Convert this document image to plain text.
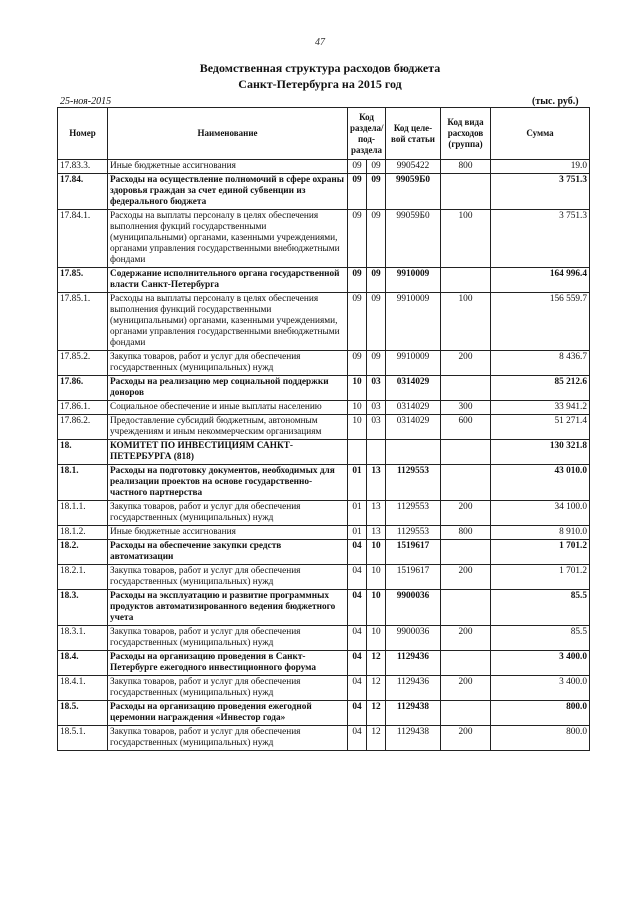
47
Ведомственная структура расходов бюджета
Санкт-Петербурга на 2015 год
25-ноя-2015	(тыс. руб.)
Номер	Наименование	Код раздела/ под- раздела		Код целе- вой статьи	Код вида расходов (группа)	Сумма
17.83.3.	Иные бюджетные ассигнования	09	09	9905422	800	19.0
17.84.	Расходы на осуществление полномочий в сфере охраны здоровья граждан за счет единой субвенции из федерального бюджета	09	09	99059Б0		3 751.3
17.84.1.	Расходы на выплаты персоналу в целях обеспечения выполнения фукций государственными (муниципальными) органами, казенными учреждениями, органами управления государственными внебюджетными фондами	09	09	99059Б0	100	3 751.3
17.85.	Содержание исполнительного органа государственной власти Санкт-Петербурга	09	09	9910009		164 996.4
17.85.1.	Расходы на выплаты персоналу в целях обеспечения выполнения функций государственными (муниципальными) органами, казенными учреждениями, органами управления государственными внебюджетными фондами	09	09	9910009	100	156 559.7
17.85.2.	Закупка товаров, работ и услуг для обеспечения государственных (муниципальных) нужд	09	09	9910009	200	8 436.7
17.86.	Расходы на реализацию мер социальной поддержки доноров	10	03	0314029		85 212.6
17.86.1.	Социальное обеспечение и иные выплаты населению	10	03	0314029	300	33 941.2
17.86.2.	Предоставление субсидий бюджетным, автономным учреждениям и иным некоммерческим организациям	10	03	0314029	600	51 271.4
18.	КОМИТЕТ ПО ИНВЕСТИЦИЯМ САНКТ-ПЕТЕРБУРГА (818)					130 321.8
18.1.	Расходы на подготовку документов, необходимых для реализации проектов на основе государственно-частного партнерства	01	13	1129553		43 010.0
18.1.1.	Закупка товаров, работ и услуг для обеспечения государственных (муниципальных) нужд	01	13	1129553	200	34 100.0
18.1.2.	Иные бюджетные ассигнования	01	13	1129553	800	8 910.0
18.2.	Расходы на обеспечение закупки средств автоматизации	04	10	1519617		1 701.2
18.2.1.	Закупка товаров, работ и услуг для обеспечения государственных (муниципальных) нужд	04	10	1519617	200	1 701.2
18.3.	Расходы на эксплуатацию и развитие программных продуктов автоматизированного ведения бюджетного учета	04	10	9900036		85.5
18.3.1.	Закупка товаров, работ и услуг для обеспечения государственных (муниципальных) нужд	04	10	9900036	200	85.5
18.4.	Расходы на организацию проведения в Санкт-Петербурге ежегодного инвестиционного форума	04	12	1129436		3 400.0
18.4.1.	Закупка товаров, работ и услуг для обеспечения государственных (муниципальных) нужд	04	12	1129436	200	3 400.0
18.5.	Расходы на организацию проведения ежегодной церемонии награждения «Инвестор года»	04	12	1129438		800.0
18.5.1.	Закупка товаров, работ и услуг для обеспечения государственных (муниципальных) нужд	04	12	1129438	200	800.0
